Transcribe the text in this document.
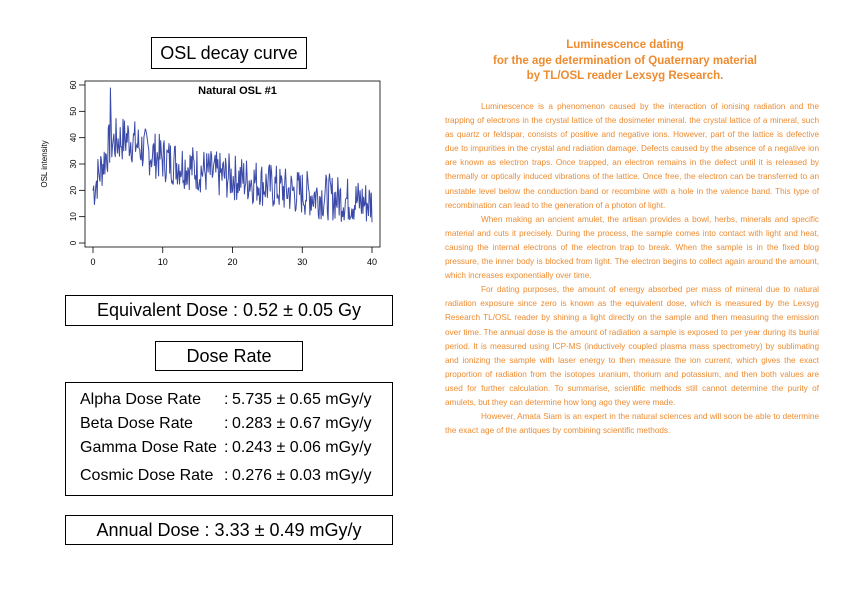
OSL decay curve
0
10
20
30
40
50
60
0	10	20	30	40
Natural OSL #1
OSL intensity
Equivalent Dose : 0.52 ± 0.05 Gy
Dose Rate
Alpha Dose Rate : 5.735 ± 0.65 mGy/y
Beta Dose Rate : 0.283 ± 0.67 mGy/y
Gamma Dose Rate : 0.243 ± 0.06 mGy/y
Cosmic Dose Rate : 0.276 ± 0.03 mGy/y
Annual Dose : 3.33 ± 0.49 mGy/y
Luminescence dating
for the age determination of Quaternary material
by TL/OSL reader Lexsyg Research.

Luminescence is a phenomenon caused by the interaction of ionising radiation and the trapping of electrons in the crystal lattice of the dosimeter mineral. the crystal lattice of a mineral, such as quartz or feldspar, consists of positive and negative ions. However, part of the lattice is defective due to impurities in the crystal and radiation damage. Defects caused by the absence of a negative ion are known as electron traps. Once trapped, an electron remains in the defect until it is released by thermally or optically induced vibrations of the lattice. Once free, the electron can be transferred to an unstable level below the conduction band or recombine with a hole in the valence band. This type of recombination can lead to the generation of a photon of light.

When making an ancient amulet, the artisan provides a bowl, herbs, minerals and specific material and cuts it precisely. During the process, the sample comes into contact with light and heat, causing the internal electrons of the electron trap to break. When the sample is in the fixed blog pressure, the inner body is blocked from light. The electron begins to collect again around the amount, which increases exponentially over time.

For dating purposes, the amount of energy absorbed per mass of mineral due to natural radiation exposure since zero is known as the equivalent dose, which is measured by the Lexsyg Research TL/OSL reader by shining a light directly on the sample and then measuring the emission over time. The annual dose is the amount of radiation a sample is exposed to per year during its burial period. It is measured using ICP-MS (inductively coupled plasma mass spectrometry) by sublimating and ionizing the sample with laser energy to then measure the ion current, which gives the exact proportion of radiation from the isotopes uranium, thorium and potassium, and then both values are used for further calculation. To summarise, scientific methods still cannot determine the purity of amulets, but they can determine how long ago they were made.

However, Amata Siam is an expert in the natural sciences and will soon be able to determine the exact age of the antiques by combining scientific methods.
